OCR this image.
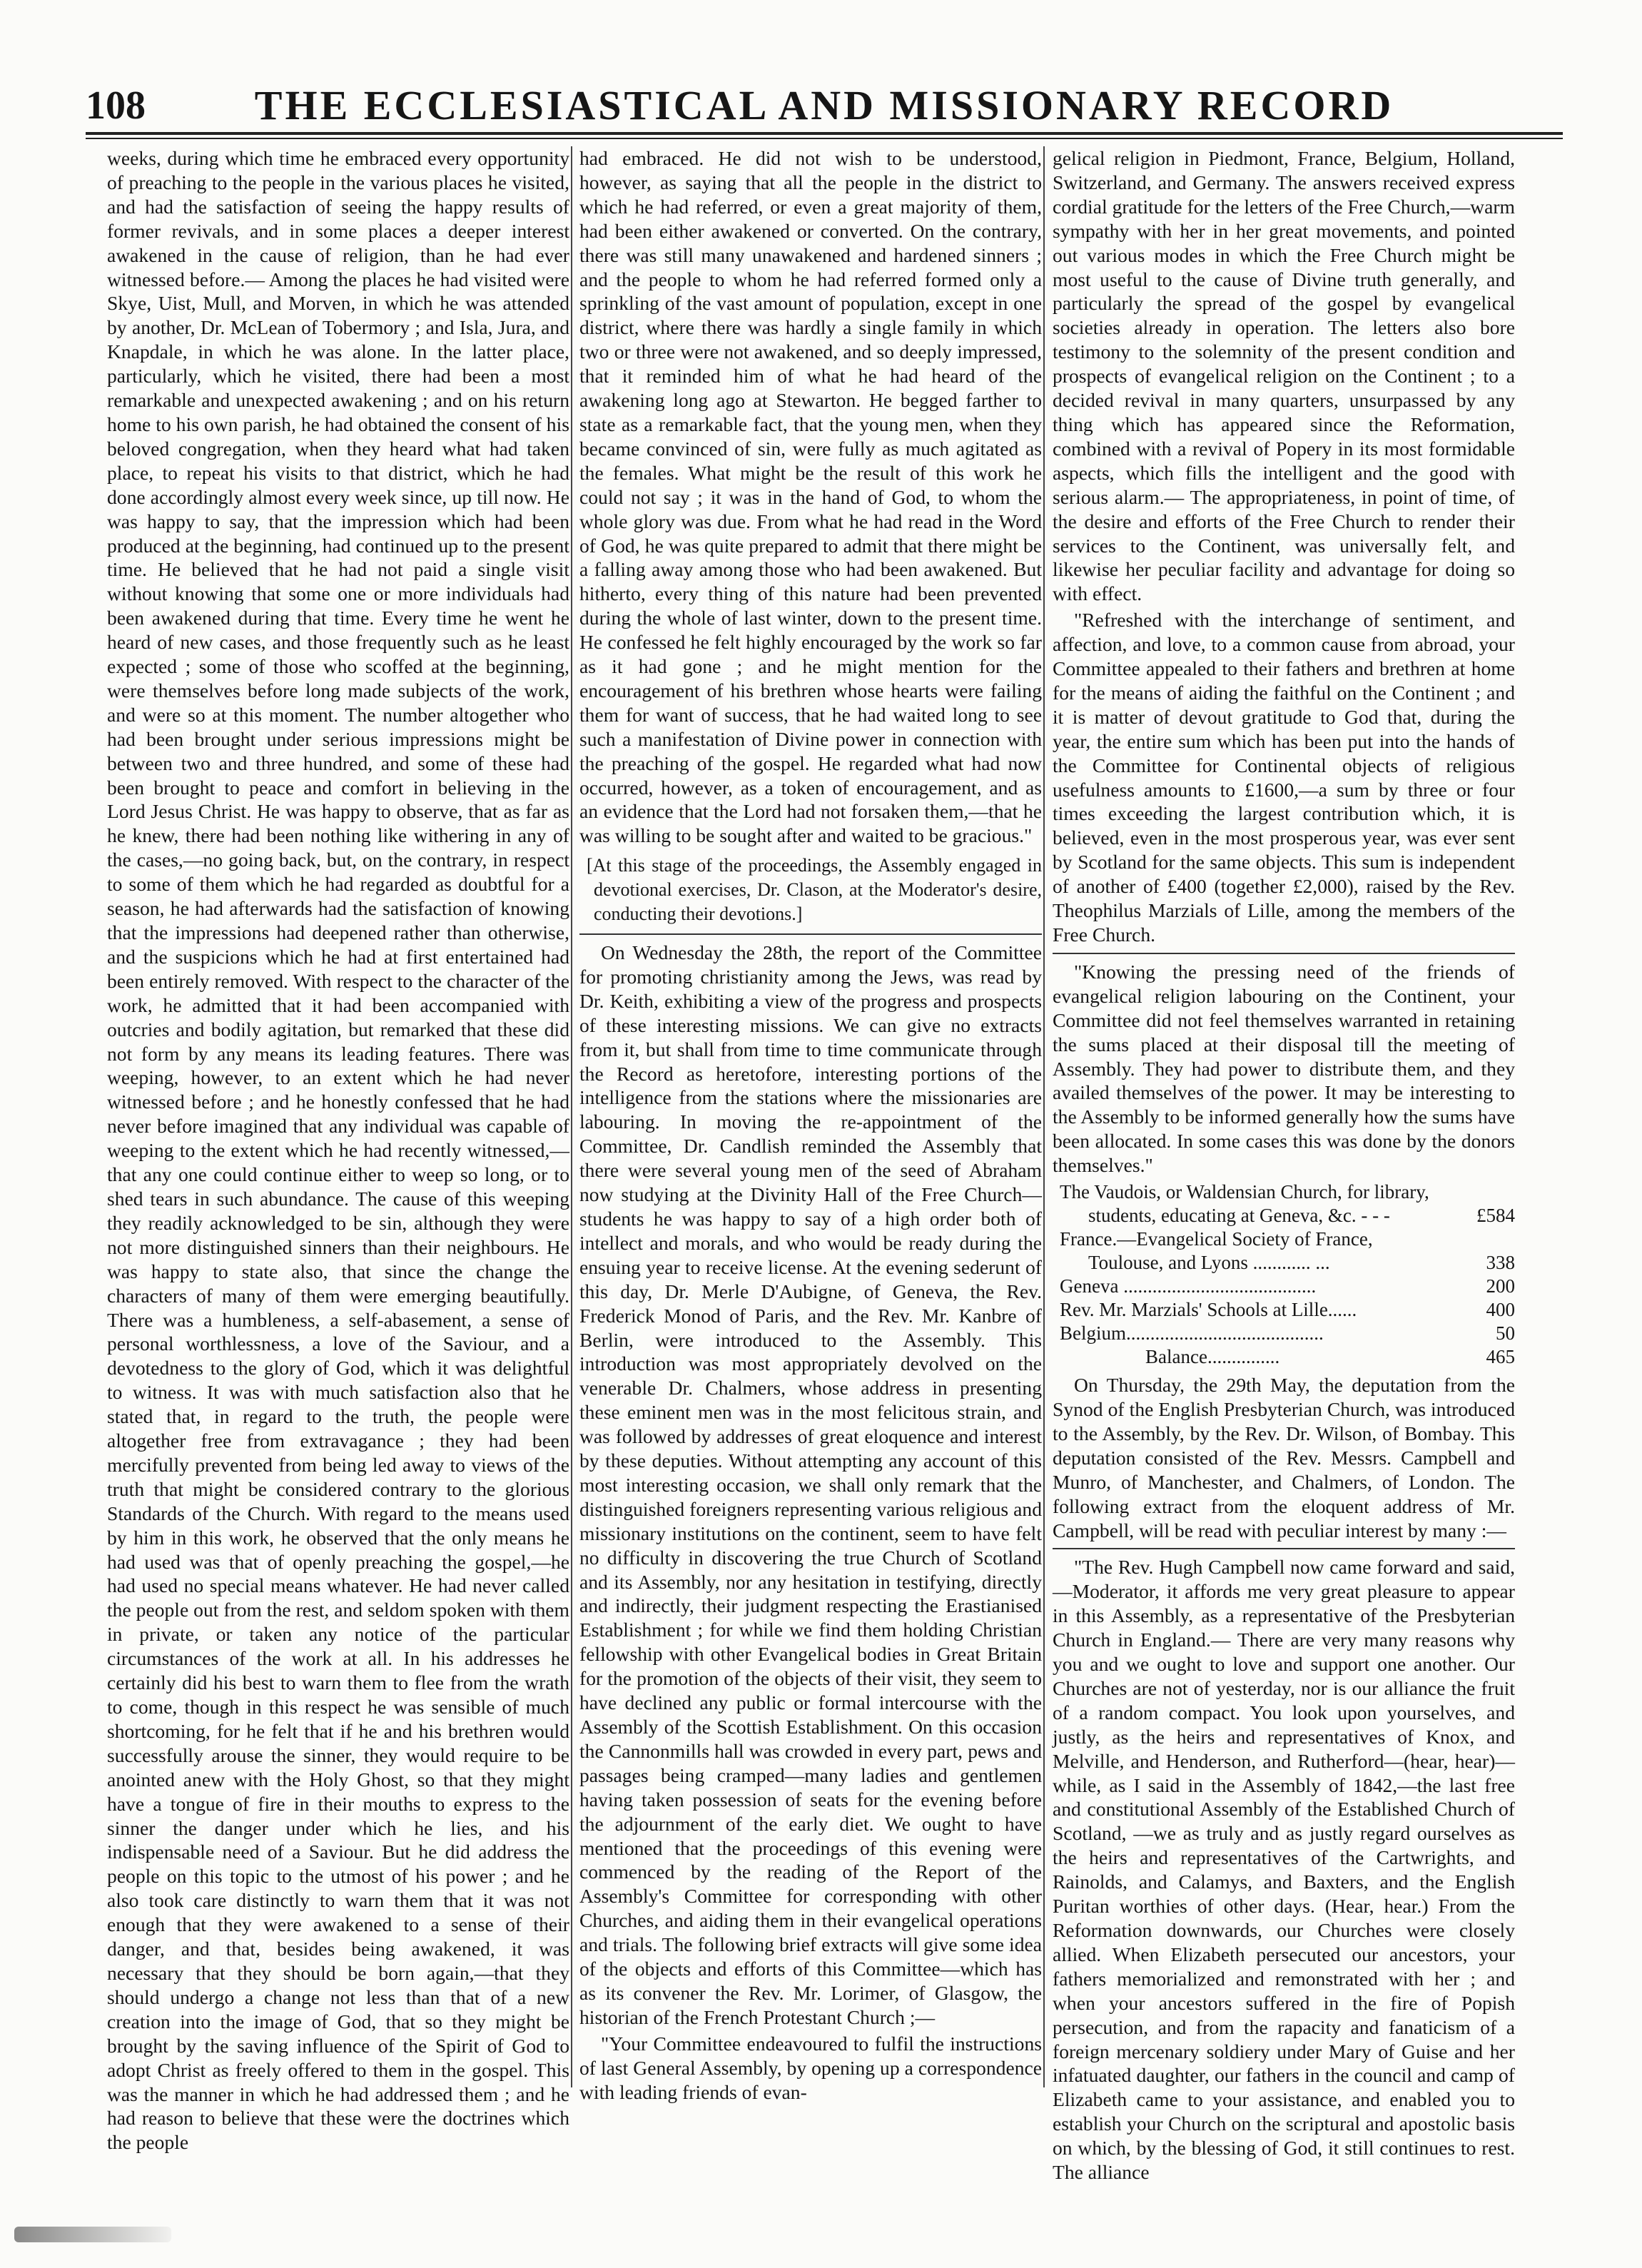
108	THE ECCLESIASTICAL AND MISSIONARY RECORD

weeks, during which time he embraced every opportunity of preaching to the people in the various places he visited, and had the satisfaction of seeing the happy results of former revivals, and in some places a deeper interest awakened in the cause of religion, than he had ever witnessed before.— Among the places he had visited were Skye, Uist, Mull, and Morven, in which he was attended by another, Dr. McLean of Tobermory ; and Isla, Jura, and Knapdale, in which he was alone. In the latter place, particularly, which he visited, there had been a most remarkable and unexpected awakening ; and on his return home to his own parish, he had obtained the consent of his beloved congregation, when they heard what had taken place, to repeat his visits to that district, which he had done accordingly almost every week since, up till now. He was happy to say, that the impression which had been produced at the beginning, had continued up to the present time. He believed that he had not paid a single visit without knowing that some one or more individuals had been awakened during that time. Every time he went he heard of new cases, and those frequently such as he least expected ; some of those who scoffed at the beginning, were themselves before long made subjects of the work, and were so at this moment. The number altogether who had been brought under serious impressions might be between two and three hundred, and some of these had been brought to peace and comfort in believing in the Lord Jesus Christ. He was happy to observe, that as far as he knew, there had been nothing like withering in any of the cases,—no going back, but, on the contrary, in respect to some of them which he had regarded as doubtful for a season, he had afterwards had the satisfaction of knowing that the impressions had deepened rather than otherwise, and the suspicions which he had at first entertained had been entirely removed. With respect to the character of the work, he admitted that it had been accompanied with outcries and bodily agitation, but remarked that these did not form by any means its leading features. There was weeping, however, to an extent which he had never witnessed before ; and he honestly confessed that he had never before imagined that any individual was capable of weeping to the extent which he had recently witnessed,—that any one could continue either to weep so long, or to shed tears in such abundance. The cause of this weeping they readily acknowledged to be sin, although they were not more distinguished sinners than their neighbours. He was happy to state also, that since the change the characters of many of them were emerging beautifully. There was a humbleness, a self-abasement, a sense of personal worthlessness, a love of the Saviour, and a devotedness to the glory of God, which it was delightful to witness. It was with much satisfaction also that he stated that, in regard to the truth, the people were altogether free from extravagance ; they had been mercifully prevented from being led away to views of the truth that might be considered contrary to the glorious Standards of the Church. With regard to the means used by him in this work, he observed that the only means he had used was that of openly preaching the gospel,—he had used no special means whatever. He had never called the people out from the rest, and seldom spoken with them in private, or taken any notice of the particular circumstances of the work at all. In his addresses he certainly did his best to warn them to flee from the wrath to come, though in this respect he was sensible of much shortcoming, for he felt that if he and his brethren would successfully arouse the sinner, they would require to be anointed anew with the Holy Ghost, so that they might have a tongue of fire in their mouths to express to the sinner the danger under which he lies, and his indispensable need of a Saviour. But he did address the people on this topic to the utmost of his power ; and he also took care distinctly to warn them that it was not enough that they were awakened to a sense of their danger, and that, besides being awakened, it was necessary that they should be born again,—that they should undergo a change not less than that of a new creation into the image of God, that so they might be brought by the saving influence of the Spirit of God to adopt Christ as freely offered to them in the gospel. This was the manner in which he had addressed them ; and he had reason to believe that these were the doctrines which the people

had embraced. He did not wish to be understood, however, as saying that all the people in the district to which he had referred, or even a great majority of them, had been either awakened or converted. On the contrary, there was still many unawakened and hardened sinners ; and the people to whom he had referred formed only a sprinkling of the vast amount of population, except in one district, where there was hardly a single family in which two or three were not awakened, and so deeply impressed, that it reminded him of what he had heard of the awakening long ago at Stewarton. He begged farther to state as a remarkable fact, that the young men, when they became convinced of sin, were fully as much agitated as the females. What might be the result of this work he could not say ; it was in the hand of God, to whom the whole glory was due. From what he had read in the Word of God, he was quite prepared to admit that there might be a falling away among those who had been awakened. But hitherto, every thing of this nature had been prevented during the whole of last winter, down to the present time. He confessed he felt highly encouraged by the work so far as it had gone ; and he might mention for the encouragement of his brethren whose hearts were failing them for want of success, that he had waited long to see such a manifestation of Divine power in connection with the preaching of the gospel. He regarded what had now occurred, however, as a token of encouragement, and as an evidence that the Lord had not forsaken them,—that he was willing to be sought after and waited to be gracious."

[At this stage of the proceedings, the Assembly engaged in devotional exercises, Dr. Clason, at the Moderator's desire, conducting their devotions.]

On Wednesday the 28th, the report of the Committee for promoting christianity among the Jews, was read by Dr. Keith, exhibiting a view of the progress and prospects of these interesting missions. We can give no extracts from it, but shall from time to time communicate through the Record as heretofore, interesting portions of the intelligence from the stations where the missionaries are labouring. In moving the re-appointment of the Committee, Dr. Candlish reminded the Assembly that there were several young men of the seed of Abraham now studying at the Divinity Hall of the Free Church—students he was happy to say of a high order both of intellect and morals, and who would be ready during the ensuing year to receive license. At the evening sederunt of this day, Dr. Merle D'Aubigne, of Geneva, the Rev. Frederick Monod of Paris, and the Rev. Mr. Kanbre of Berlin, were introduced to the Assembly. This introduction was most appropriately devolved on the venerable Dr. Chalmers, whose address in presenting these eminent men was in the most felicitous strain, and was followed by addresses of great eloquence and interest by these deputies. Without attempting any account of this most interesting occasion, we shall only remark that the distinguished foreigners representing various religious and missionary institutions on the continent, seem to have felt no difficulty in discovering the true Church of Scotland and its Assembly, nor any hesitation in testifying, directly and indirectly, their judgment respecting the Erastianised Establishment ; for while we find them holding Christian fellowship with other Evangelical bodies in Great Britain for the promotion of the objects of their visit, they seem to have declined any public or formal intercourse with the Assembly of the Scottish Establishment. On this occasion the Cannonmills hall was crowded in every part, pews and passages being cramped—many ladies and gentlemen having taken possession of seats for the evening before the adjournment of the early diet. We ought to have mentioned that the proceedings of this evening were commenced by the reading of the Report of the Assembly's Committee for corresponding with other Churches, and aiding them in their evangelical operations and trials. The following brief extracts will give some idea of the objects and efforts of this Committee—which has as its convener the Rev. Mr. Lorimer, of Glasgow, the historian of the French Protestant Church ;—

"Your Committee endeavoured to fulfil the instructions of last General Assembly, by opening up a correspondence with leading friends of evan-

gelical religion in Piedmont, France, Belgium, Holland, Switzerland, and Germany. The answers received express cordial gratitude for the letters of the Free Church,—warm sympathy with her in her great movements, and pointed out various modes in which the Free Church might be most useful to the cause of Divine truth generally, and particularly the spread of the gospel by evangelical societies already in operation. The letters also bore testimony to the solemnity of the present condition and prospects of evangelical religion on the Continent ; to a decided revival in many quarters, unsurpassed by any thing which has appeared since the Reformation, combined with a revival of Popery in its most formidable aspects, which fills the intelligent and the good with serious alarm.— The appropriateness, in point of time, of the desire and efforts of the Free Church to render their services to the Continent, was universally felt, and likewise her peculiar facility and advantage for doing so with effect.

"Refreshed with the interchange of sentiment, and affection, and love, to a common cause from abroad, your Committee appealed to their fathers and brethren at home for the means of aiding the faithful on the Continent ; and it is matter of devout gratitude to God that, during the year, the entire sum which has been put into the hands of the Committee for Continental objects of religious usefulness amounts to £1600,—a sum by three or four times exceeding the largest contribution which, it is believed, even in the most prosperous year, was ever sent by Scotland for the same objects. This sum is independent of another of £400 (together £2,000), raised by the Rev. Theophilus Marzials of Lille, among the members of the Free Church.

"Knowing the pressing need of the friends of evangelical religion labouring on the Continent, your Committee did not feel themselves warranted in retaining the sums placed at their disposal till the meeting of Assembly. They had power to distribute them, and they availed themselves of the power. It may be interesting to the Assembly to be informed generally how the sums have been allocated. In some cases this was done by the donors themselves."

The Vaudois, or Waldensian Church, for library,
students, educating at Geneva, &c. - - -	£584
France.—Evangelical Society of France,
Toulouse, and Lyons ............ ...	338
Geneva ........................................	200
Rev. Mr. Marzials' Schools at Lille......	400
Belgium.........................................	50
Balance...............	465

On Thursday, the 29th May, the deputation from the Synod of the English Presbyterian Church, was introduced to the Assembly, by the Rev. Dr. Wilson, of Bombay. This deputation consisted of the Rev. Messrs. Campbell and Munro, of Manchester, and Chalmers, of London. The following extract from the eloquent address of Mr. Campbell, will be read with peculiar interest by many :—

"The Rev. Hugh Campbell now came forward and said,—Moderator, it affords me very great pleasure to appear in this Assembly, as a representative of the Presbyterian Church in England.— There are very many reasons why you and we ought to love and support one another. Our Churches are not of yesterday, nor is our alliance the fruit of a random compact. You look upon yourselves, and justly, as the heirs and representatives of Knox, and Melville, and Henderson, and Rutherford—(hear, hear)—while, as I said in the Assembly of 1842,—the last free and constitutional Assembly of the Established Church of Scotland, —we as truly and as justly regard ourselves as the heirs and representatives of the Cartwrights, and Rainolds, and Calamys, and Baxters, and the English Puritan worthies of other days. (Hear, hear.) From the Reformation downwards, our Churches were closely allied. When Elizabeth persecuted our ancestors, your fathers memorialized and remonstrated with her ; and when your ancestors suffered in the fire of Popish persecution, and from the rapacity and fanaticism of a foreign mercenary soldiery under Mary of Guise and her infatuated daughter, our fathers in the council and camp of Elizabeth came to your assistance, and enabled you to establish your Church on the scriptural and apostolic basis on which, by the blessing of God, it still continues to rest. The alliance
